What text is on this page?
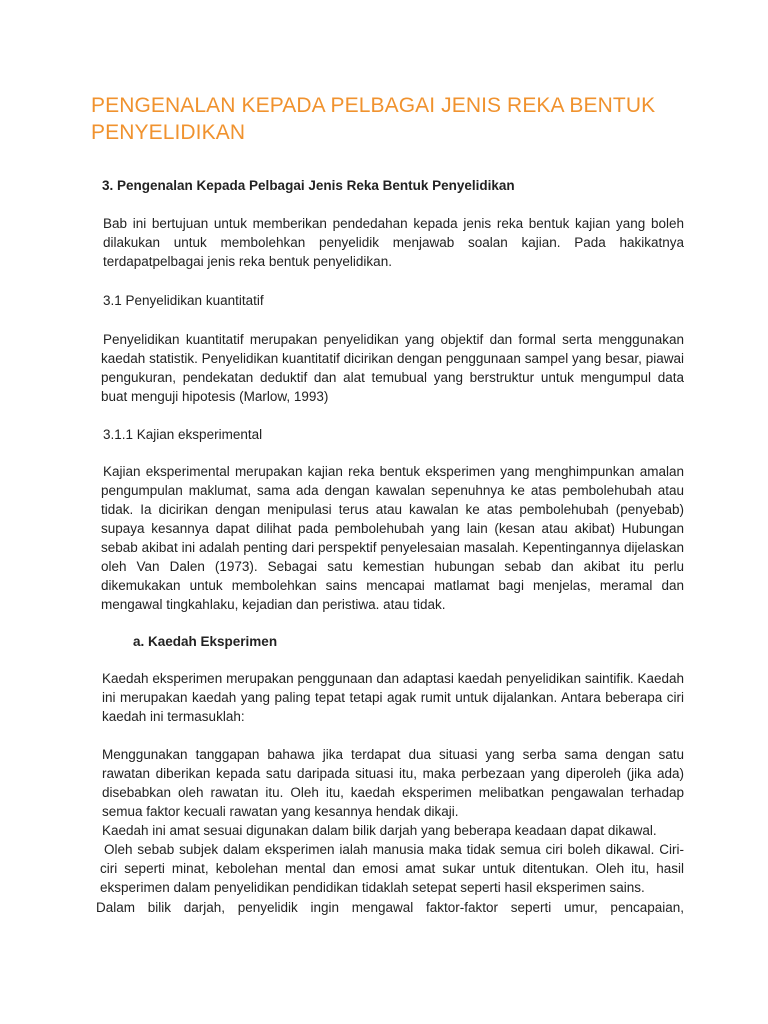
PENGENALAN KEPADA PELBAGAI JENIS REKA BENTUK PENYELIDIKAN

3. Pengenalan Kepada Pelbagai Jenis Reka Bentuk Penyelidikan

Bab ini bertujuan untuk memberikan pendedahan kepada jenis reka bentuk kajian yang boleh dilakukan untuk membolehkan penyelidik menjawab soalan kajian. Pada hakikatnya terdapatpelbagai jenis reka bentuk penyelidikan.

3.1 Penyelidikan kuantitatif

Penyelidikan kuantitatif merupakan penyelidikan yang objektif dan formal serta menggunakan kaedah statistik. Penyelidikan kuantitatif dicirikan dengan penggunaan sampel yang besar, piawai pengukuran, pendekatan deduktif dan alat temubual yang berstruktur untuk mengumpul data buat menguji hipotesis (Marlow, 1993)

3.1.1 Kajian eksperimental

Kajian eksperimental merupakan kajian reka bentuk eksperimen yang menghimpunkan amalan pengumpulan maklumat, sama ada dengan kawalan sepenuhnya ke atas pembolehubah atau tidak. Ia dicirikan dengan menipulasi terus atau kawalan ke atas pembolehubah (penyebab) supaya kesannya dapat dilihat pada pembolehubah yang lain (kesan atau akibat) Hubungan sebab akibat ini adalah penting dari perspektif penyelesaian masalah. Kepentingannya dijelaskan oleh Van Dalen (1973). Sebagai satu kemestian hubungan sebab dan akibat itu perlu dikemukakan untuk membolehkan sains mencapai matlamat bagi menjelas, meramal dan mengawal tingkahlaku, kejadian dan peristiwa. atau tidak.

a. Kaedah Eksperimen

Kaedah eksperimen merupakan penggunaan dan adaptasi kaedah penyelidikan saintifik. Kaedah ini merupakan kaedah yang paling tepat tetapi agak rumit untuk dijalankan. Antara beberapa ciri kaedah ini termasuklah:

Menggunakan tanggapan bahawa jika terdapat dua situasi yang serba sama dengan satu rawatan diberikan kepada satu daripada situasi itu, maka perbezaan yang diperoleh (jika ada) disebabkan oleh rawatan itu. Oleh itu, kaedah eksperimen melibatkan pengawalan terhadap semua faktor kecuali rawatan yang kesannya hendak dikaji.

Kaedah ini amat sesuai digunakan dalam bilik darjah yang beberapa keadaan dapat dikawal.

Oleh sebab subjek dalam eksperimen ialah manusia maka tidak semua ciri boleh dikawal. Ciri-ciri seperti minat, kebolehan mental dan emosi amat sukar untuk ditentukan. Oleh itu, hasil eksperimen dalam penyelidikan pendidikan tidaklah setepat seperti hasil eksperimen sains.

Dalam bilik darjah, penyelidik ingin mengawal faktor-faktor seperti umur, pencapaian,
